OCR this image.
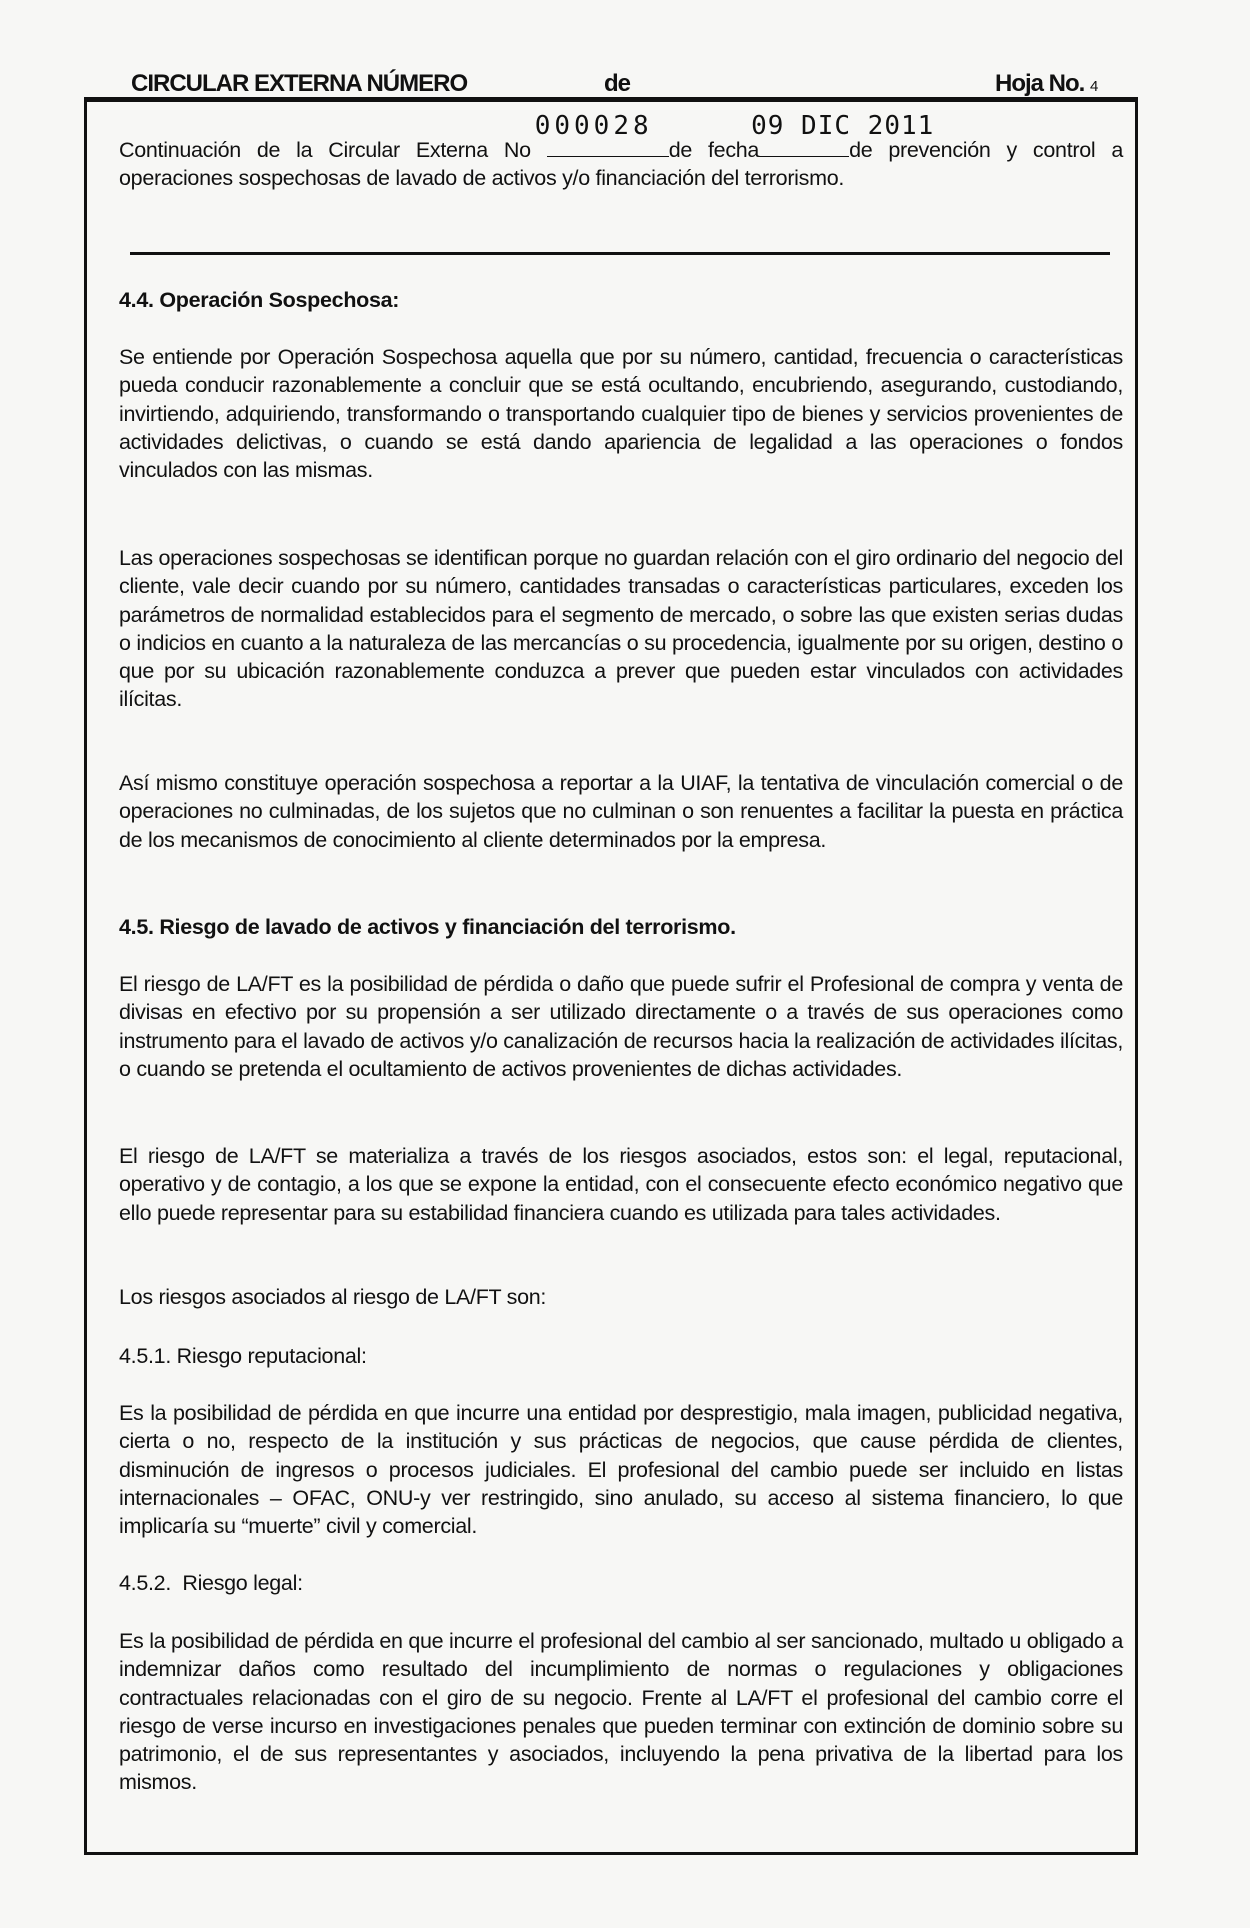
CIRCULAR EXTERNA NÚMERO	de	Hoja No. 4
Continuación de la Circular Externa No
000028
de fecha
09 DIC 2011
de prevención y control a operaciones sospechosas de lavado de activos y/o financiación del terrorismo.
4.4. Operación Sospechosa:
Se entiende por Operación Sospechosa aquella que por su número, cantidad, frecuencia o características pueda conducir razonablemente a concluir que se está ocultando, encubriendo, asegurando, custodiando, invirtiendo, adquiriendo, transformando o transportando cualquier tipo de bienes y servicios provenientes de actividades delictivas, o cuando se está dando apariencia de legalidad a las operaciones o fondos vinculados con las mismas.
Las operaciones sospechosas se identifican porque no guardan relación con el giro ordinario del negocio del cliente, vale decir cuando por su número, cantidades transadas o características particulares, exceden los parámetros de normalidad establecidos para el segmento de mercado, o sobre las que existen serias dudas o indicios en cuanto a la naturaleza de las mercancías o su procedencia, igualmente por su origen, destino o que por su ubicación razonablemente conduzca a prever que pueden estar vinculados con actividades ilícitas.
Así mismo constituye operación sospechosa a reportar a la UIAF, la tentativa de vinculación comercial o de operaciones no culminadas, de los sujetos que no culminan o son renuentes a facilitar la puesta en práctica de los mecanismos de conocimiento al cliente determinados por la empresa.
4.5. Riesgo de lavado de activos y financiación del terrorismo.
El riesgo de LA/FT es la posibilidad de pérdida o daño que puede sufrir el Profesional de compra y venta de divisas en efectivo por su propensión a ser utilizado directamente o a través de sus operaciones como instrumento para el lavado de activos y/o canalización de recursos hacia la realización de actividades ilícitas, o cuando se pretenda el ocultamiento de activos provenientes de dichas actividades.
El riesgo de LA/FT se materializa a través de los riesgos asociados, estos son: el legal, reputacional, operativo y de contagio, a los que se expone la entidad, con el consecuente efecto económico negativo que ello puede representar para su estabilidad financiera cuando es utilizada para tales actividades.
Los riesgos asociados al riesgo de LA/FT son:
4.5.1. Riesgo reputacional:
Es la posibilidad de pérdida en que incurre una entidad por desprestigio, mala imagen, publicidad negativa, cierta o no, respecto de la institución y sus prácticas de negocios, que cause pérdida de clientes, disminución de ingresos o procesos judiciales. El profesional del cambio puede ser incluido en listas internacionales – OFAC, ONU-y ver restringido, sino anulado, su acceso al sistema financiero, lo que implicaría su “muerte” civil y comercial.
4.5.2.  Riesgo legal:
Es la posibilidad de pérdida en que incurre el profesional del cambio al ser sancionado, multado u obligado a indemnizar daños como resultado del incumplimiento de normas o regulaciones y obligaciones contractuales relacionadas con el giro de su negocio. Frente al LA/FT el profesional del cambio corre el riesgo de verse incurso en investigaciones penales que pueden terminar con extinción de dominio sobre su patrimonio, el de sus representantes y asociados, incluyendo la pena privativa de la libertad para los mismos.
